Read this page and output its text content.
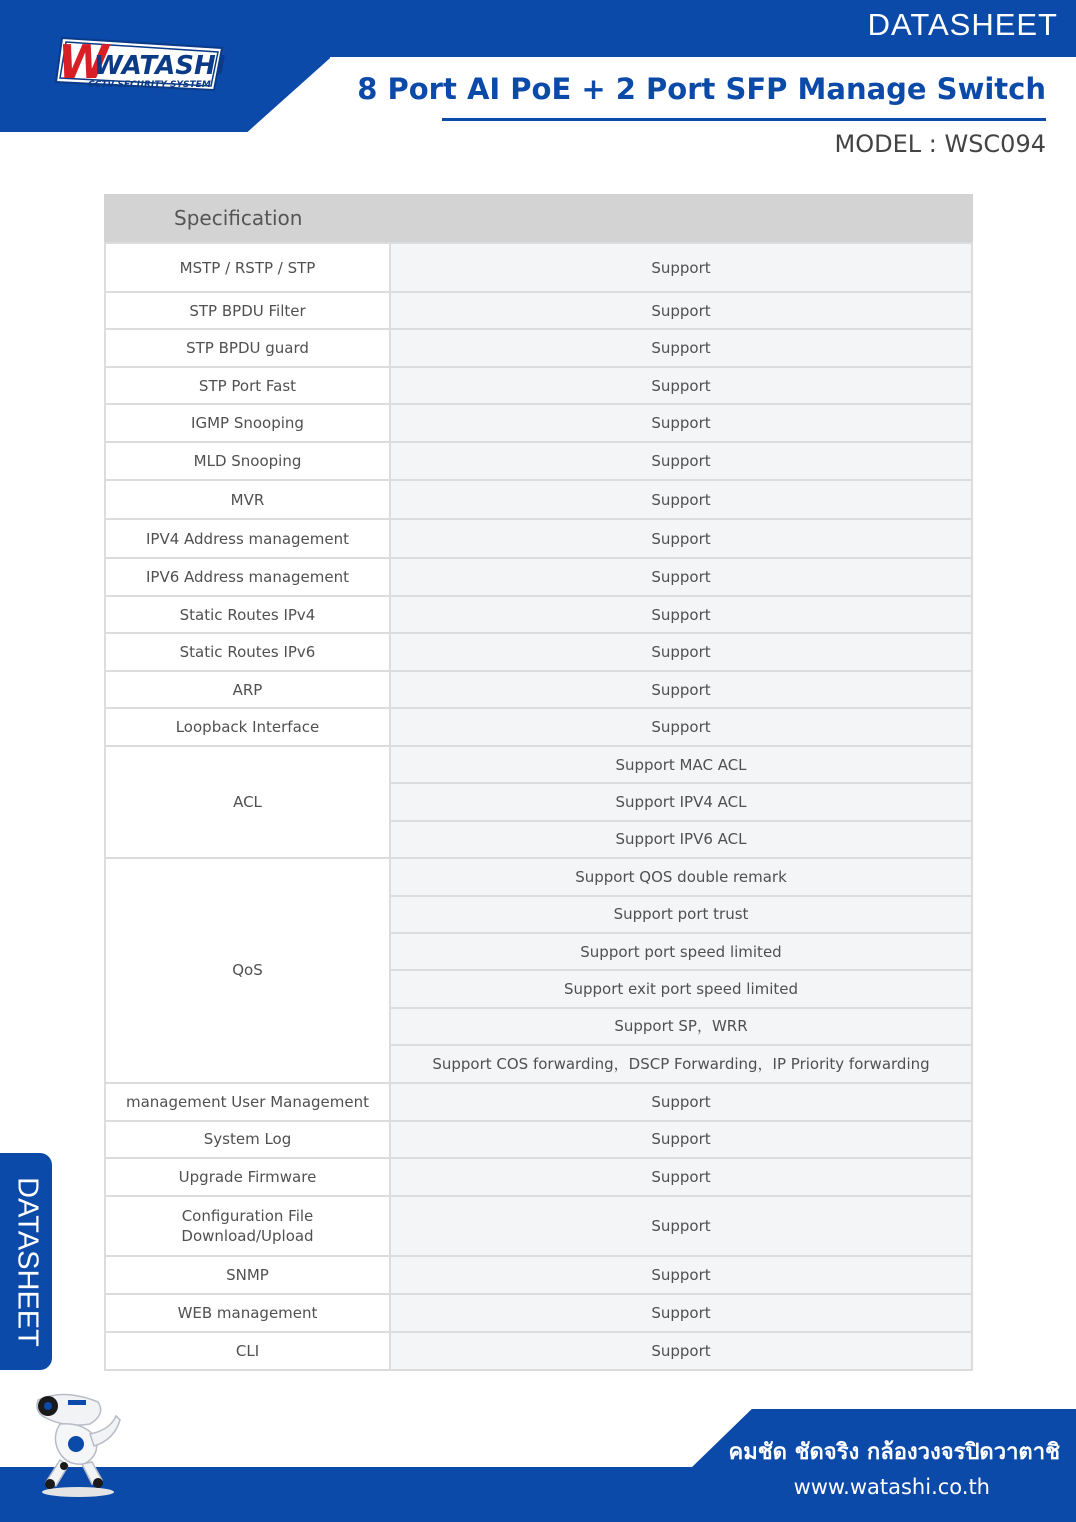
DATASHEET
W
WATASHI
CCTV SECURITY SYSTEM	8 Port AI PoE + 2 Port SFP Manage Switch
MODEL : WSC094
Specification
MSTP / RSTP / STP	Support
STP BPDU Filter	Support
STP BPDU guard	Support
STP Port Fast	Support
IGMP Snooping	Support
MLD Snooping	Support
MVR	Support
IPV4 Address management	Support
IPV6 Address management	Support
Static Routes IPv4	Support
Static Routes IPv6	Support
ARP	Support
Loopback Interface	Support
ACL	Support MAC ACL
	Support IPV4 ACL
	Support IPV6 ACL
QoS	Support QOS double remark
	Support port trust
	Support port speed limited
	Support exit port speed limited
	Support SP，WRR
	Support COS forwarding，DSCP Forwarding，IP Priority forwarding
management User Management	Support
System Log	Support
Upgrade Firmware	Support
Configuration File
Download/Upload	Support
SNMP	Support
WEB management	Support
CLI	Support
DATASHEET
คมชัด ชัดจริง กล้องวงจรปิดวาตาชิ
www.watashi.co.th
